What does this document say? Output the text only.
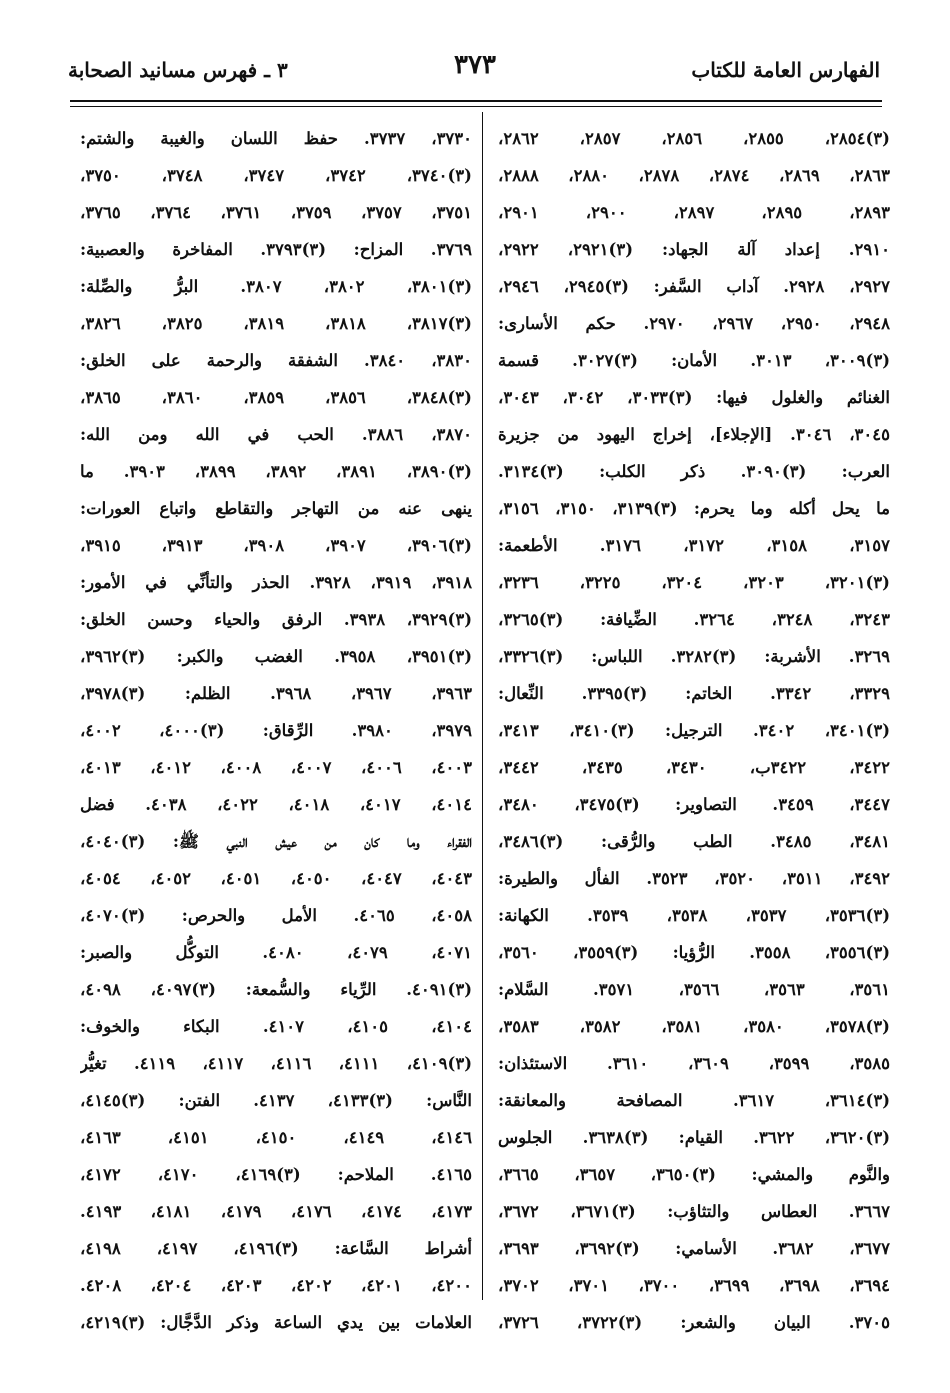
الفهارس العامة للكتاب
٣٧٣
٣ ـ فهرس مسانيد الصحابة
(٣)٢٨٥٤، ٢٨٥٥، ٢٨٥٦، ٢٨٥٧، ٢٨٦٢،
٢٨٦٣، ٢٨٦٩، ٢٨٧٤، ٢٨٧٨، ٢٨٨٠، ٢٨٨٨،
٢٨٩٣، ٢٨٩٥، ٢٨٩٧، ٢٩٠٠، ٢٩٠١،
٢٩١٠. إعداد آلة الجهاد: (٣)٢٩٢١، ٢٩٢٢،
٢٩٢٧، ٢٩٢٨. آداب السَّفر: (٣)٢٩٤٥، ٢٩٤٦،
٢٩٤٨، ٢٩٥٠، ٢٩٦٧، ٢٩٧٠. حكم الأسارى:
(٣)٣٠٠٩، ٣٠١٣. الأمان: (٣)٣٠٢٧. قسمة
الغنائم والغلول فيها: (٣)٣٠٣٣، ٣٠٤٢، ٣٠٤٣،
٣٠٤٥، ٣٠٤٦. [الإجلاء]، إخراج اليهود من جزيرة
العرب: (٣)٣٠٩٠. ذكر الكلب: (٣)٣١٣٤.
ما يحل أكله وما يحرم: (٣)٣١٣٩، ٣١٥٠، ٣١٥٦،
٣١٥٧، ٣١٥٨، ٣١٧٢، ٣١٧٦. الأطعمة:
(٣)٣٢٠١، ٣٢٠٣، ٣٢٠٤، ٣٢٢٥، ٣٢٣٦،
٣٢٤٣، ٣٢٤٨، ٣٢٦٤. الضِّيافة: (٣)٣٢٦٥،
٣٢٦٩. الأشربة: (٣)٣٢٨٢. اللباس: (٣)٣٣٢٦،
٣٣٢٩، ٣٣٤٢. الخاتم: (٣)٣٣٩٥. النِّعال:
(٣)٣٤٠١، ٣٤٠٢. الترجيل: (٣)٣٤١٠، ٣٤١٣،
٣٤٢٢، ٣٤٢٢ب، ٣٤٣٠، ٣٤٣٥، ٣٤٤٢،
٣٤٤٧، ٣٤٥٩. التصاوير: (٣)٣٤٧٥، ٣٤٨٠،
٣٤٨١، ٣٤٨٥. الطب والرُّقى: (٣)٣٤٨٦،
٣٤٩٢، ٣٥١١، ٣٥٢٠، ٣٥٢٣. الفأل والطيرة:
(٣)٣٥٣٦، ٣٥٣٧، ٣٥٣٨، ٣٥٣٩. الكهانة:
(٣)٣٥٥٦، ٣٥٥٨. الرُّؤيا: (٣)٣٥٥٩، ٣٥٦٠،
٣٥٦١، ٣٥٦٣، ٣٥٦٦، ٣٥٧١. السَّلام:
(٣)٣٥٧٨، ٣٥٨٠، ٣٥٨١، ٣٥٨٢، ٣٥٨٣،
٣٥٨٥، ٣٥٩٩، ٣٦٠٩، ٣٦١٠. الاستئذان:
(٣)٣٦١٤، ٣٦١٧. المصافحة والمعانقة:
(٣)٣٦٢٠، ٣٦٢٢. القيام: (٣)٣٦٣٨. الجلوس
والنَّوم والمشي: (٣)٣٦٥٠، ٣٦٥٧، ٣٦٦٥،
٣٦٦٧. العطاس والتثاؤب: (٣)٣٦٧١، ٣٦٧٢،
٣٦٧٧، ٣٦٨٢. الأسامي: (٣)٣٦٩٢، ٣٦٩٣،
٣٦٩٤، ٣٦٩٨، ٣٦٩٩، ٣٧٠٠، ٣٧٠١، ٣٧٠٢،
٣٧٠٥. البيان والشعر: (٣)٣٧٢٢، ٣٧٢٦،
٣٧٣٠، ٣٧٣٧. حفظ اللسان والغيبة والشتم:
(٣)٣٧٤٠، ٣٧٤٢، ٣٧٤٧، ٣٧٤٨، ٣٧٥٠،
٣٧٥١، ٣٧٥٧، ٣٧٥٩، ٣٧٦١، ٣٧٦٤، ٣٧٦٥،
٣٧٦٩. المزاح: (٣)٣٧٩٣. المفاخرة والعصبية:
(٣)٣٨٠١، ٣٨٠٢، ٣٨٠٧. البرُّ والصِّلة:
(٣)٣٨١٧، ٣٨١٨، ٣٨١٩، ٣٨٢٥، ٣٨٢٦،
٣٨٣٠، ٣٨٤٠. الشفقة والرحمة على الخلق:
(٣)٣٨٤٨، ٣٨٥٦، ٣٨٥٩، ٣٨٦٠، ٣٨٦٥،
٣٨٧٠، ٣٨٨٦. الحب في الله ومن الله:
(٣)٣٨٩٠، ٣٨٩١، ٣٨٩٢، ٣٨٩٩، ٣٩٠٣. ما
ينهى عنه من التهاجر والتقاطع واتباع العورات:
(٣)٣٩٠٦، ٣٩٠٧، ٣٩٠٨، ٣٩١٣، ٣٩١٥،
٣٩١٨، ٣٩١٩، ٣٩٢٨. الحذر والتأنِّي في الأمور:
(٣)٣٩٢٩، ٣٩٣٨. الرفق والحياء وحسن الخلق:
(٣)٣٩٥١، ٣٩٥٨. الغضب والكبر: (٣)٣٩٦٢،
٣٩٦٣، ٣٩٦٧، ٣٩٦٨. الظلم: (٣)٣٩٧٨،
٣٩٧٩، ٣٩٨٠. الرِّقاق: (٣)٤٠٠٠، ٤٠٠٢،
٤٠٠٣، ٤٠٠٦، ٤٠٠٧، ٤٠٠٨، ٤٠١٢، ٤٠١٣،
٤٠١٤، ٤٠١٧، ٤٠١٨، ٤٠٢٢، ٤٠٣٨. فضل
الفقراء وما كان من عيش النبي ﷺ: (٣)٤٠٤٠،
٤٠٤٣، ٤٠٤٧، ٤٠٥٠، ٤٠٥١، ٤٠٥٢، ٤٠٥٤،
٤٠٥٨، ٤٠٦٥. الأمل والحرص: (٣)٤٠٧٠،
٤٠٧١، ٤٠٧٩، ٤٠٨٠. التوكُّل والصبر:
(٣)٤٠٩١. الرِّياء والسُّمعة: (٣)٤٠٩٧، ٤٠٩٨،
٤١٠٤، ٤١٠٥، ٤١٠٧. البكاء والخوف:
(٣)٤١٠٩، ٤١١١، ٤١١٦، ٤١١٧، ٤١١٩. تغيُّر
النَّاس: (٣)٤١٣٣، ٤١٣٧. الفتن: (٣)٤١٤٥،
٤١٤٦، ٤١٤٩، ٤١٥٠، ٤١٥١، ٤١٦٣،
٤١٦٥. الملاحم: (٣)٤١٦٩، ٤١٧٠، ٤١٧٢،
٤١٧٣، ٤١٧٤، ٤١٧٦، ٤١٧٩، ٤١٨١، ٤١٩٣.
أشراط السَّاعة: (٣)٤١٩٦، ٤١٩٧، ٤١٩٨،
٤٢٠٠، ٤٢٠١، ٤٢٠٢، ٤٢٠٣، ٤٢٠٤، ٤٢٠٨.
العلامات بين يدي الساعة وذكر الدَّجَّال: (٣)٤٢١٩،
